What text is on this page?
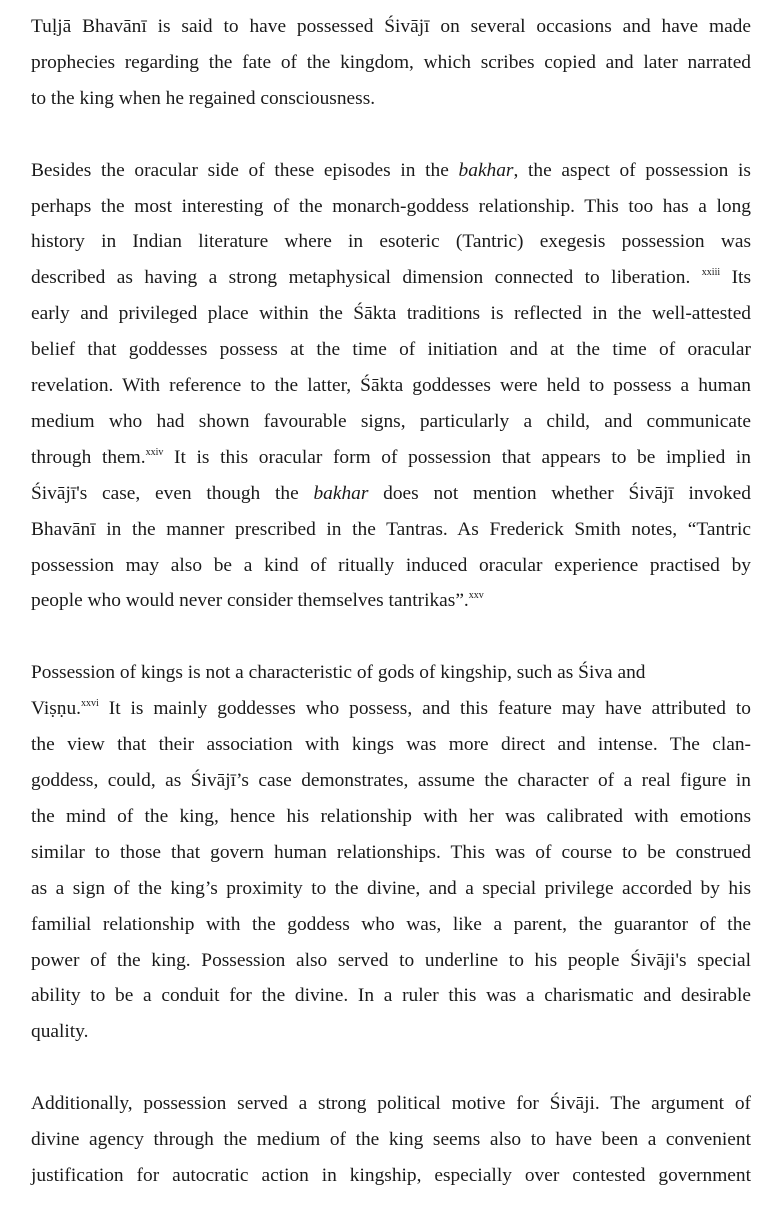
Tuḷjā Bhavānī is said to have possessed Śivājī on several occasions and have made
prophecies regarding the fate of the kingdom, which scribes copied and later narrated
to the king when he regained consciousness.

Besides the oracular side of these episodes in the bakhar, the aspect of possession is
perhaps the most interesting of the monarch-goddess relationship. This too has a long
history in Indian literature where in esoteric (Tantric) exegesis possession was
described as having a strong metaphysical dimension connected to liberation. $^{xxiii}$ Its
early and privileged place within the Śākta traditions is reflected in the well-attested
belief that goddesses possess at the time of initiation and at the time of oracular
revelation. With reference to the latter, Śākta goddesses were held to possess a human
medium who had shown favourable signs, particularly a child, and communicate
through them.$^{xxiv}$ It is this oracular form of possession that appears to be implied in
Śivājī's case, even though the bakhar does not mention whether Śivājī invoked
Bhavānī in the manner prescribed in the Tantras. As Frederick Smith notes, “Tantric
possession may also be a kind of ritually induced oracular experience practised by
people who would never consider themselves tantrikas”.$^{xxv}$

Possession of kings is not a characteristic of gods of kingship, such as Śiva and
Viṣṇu.$^{xxvi}$ It is mainly goddesses who possess, and this feature may have attributed to
the view that their association with kings was more direct and intense. The clan-
goddess, could, as Śivājī’s case demonstrates, assume the character of a real figure in
the mind of the king, hence his relationship with her was calibrated with emotions
similar to those that govern human relationships. This was of course to be construed
as a sign of the king’s proximity to the divine, and a special privilege accorded by his
familial relationship with the goddess who was, like a parent, the guarantor of the
power of the king. Possession also served to underline to his people Śivāji's special
ability to be a conduit for the divine. In a ruler this was a charismatic and desirable
quality.

Additionally, possession served a strong political motive for Śivāji. The argument of
divine agency through the medium of the king seems also to have been a convenient
justification for autocratic action in kingship, especially over contested government
